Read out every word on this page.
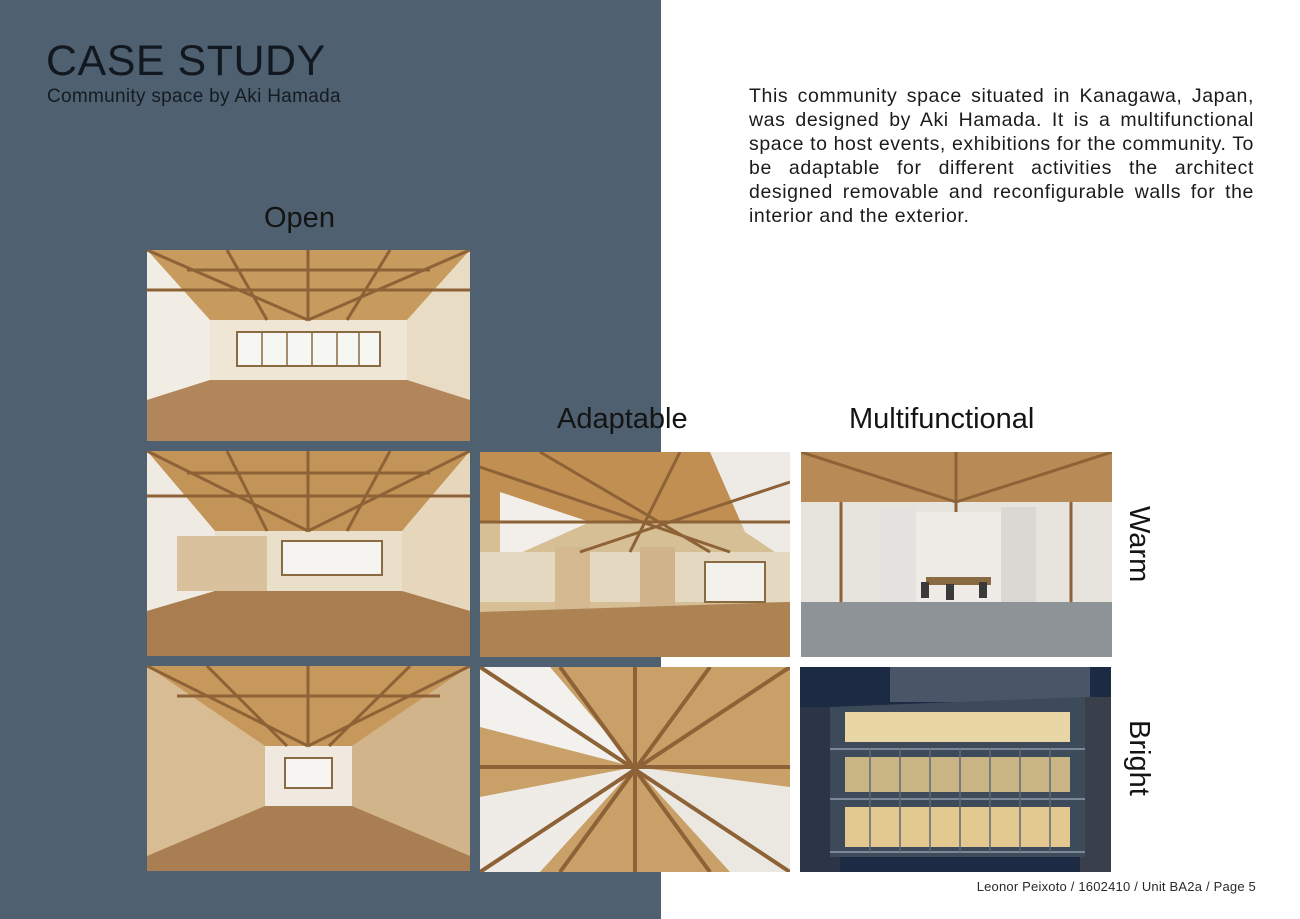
CASE STUDY
Community space by Aki Hamada	This community space situated in Kanagawa, Japan, was designed by Aki Hamada. It is a multifunctional space to host events, exhibitions for the community. To be adaptable for different activities the architect designed removable and reconfigurable walls for the interior and the exterior.

Open
Adaptable	Multifunctional
Warm
Bright
Leonor Peixoto / 1602410 / Unit BA2a / Page 5
